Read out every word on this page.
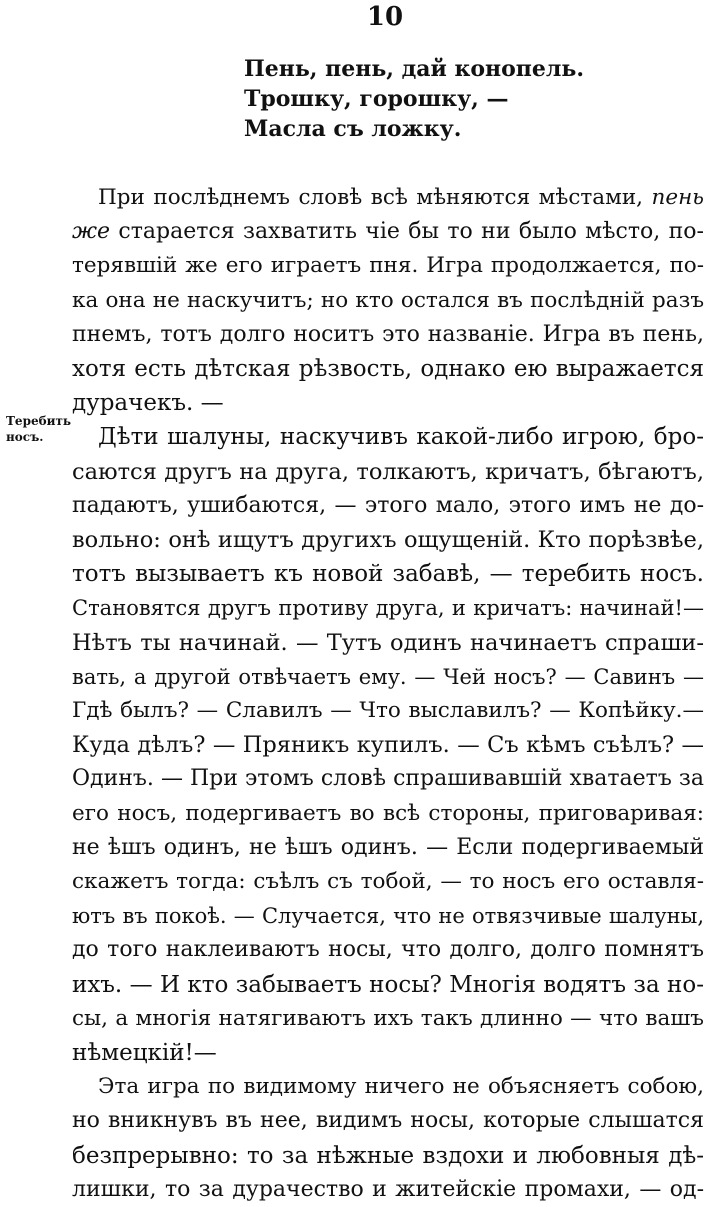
10
Пень, пень, дай конопель.
Трошку, горошку, —
Масла съ ложку.
Теребить
носъ.
При послѣднемъ словѣ всѣ мѣняются мѣстами, пень
же старается захватить чіе бы то ни было мѣсто, по-
терявшій же его играетъ пня. Игра продолжается, по-
ка она не наскучитъ; но кто остался въ послѣдній разъ
пнемъ, тотъ долго носитъ это названіе. Игра въ пень,
хотя есть дѣтская рѣзвость, однако ею выражается
дурачекъ. —
Дѣти шалуны, наскучивъ какой-либо игрою, бро-
саются другъ на друга, толкаютъ, кричатъ, бѣгаютъ,
падаютъ, ушибаются, — этого мало, этого имъ не до-
вольно: онѣ ищутъ другихъ ощущеній. Кто порѣзвѣе,
тотъ вызываетъ къ новой забавѣ, — теребить носъ.
Становятся другъ противу друга, и кричатъ: начинай!—
Нѣтъ ты начинай. — Тутъ одинъ начинаетъ спраши-
вать, а другой отвѣчаетъ ему. — Чей носъ? — Савинъ —
Гдѣ былъ? — Славилъ — Что выславилъ? — Копѣйку.—
Куда дѣлъ? — Пряникъ купилъ. — Съ кѣмъ съѣлъ? —
Одинъ. — При этомъ словѣ спрашивавшій хватаетъ за
его носъ, подергиваетъ во всѣ стороны, приговаривая:
не ѣшъ одинъ, не ѣшъ одинъ. — Если подергиваемый
скажетъ тогда: съѣлъ съ тобой, — то носъ его оставля-
ютъ въ покоѣ. — Случается, что не отвязчивые шалуны,
до того наклеиваютъ носы, что долго, долго помнятъ
ихъ. — И кто забываетъ носы? Многія водятъ за но-
сы, а многія натягиваютъ ихъ такъ длинно — что вашъ
нѣмецкій!—
Эта игра по видимому ничего не объясняетъ собою,
но вникнувъ въ нее, видимъ носы, которые слышатся
безпрерывно: то за нѣжные вздохи и любовныя дѣ-
лишки, то за дурачество и житейскіе промахи, — од-
